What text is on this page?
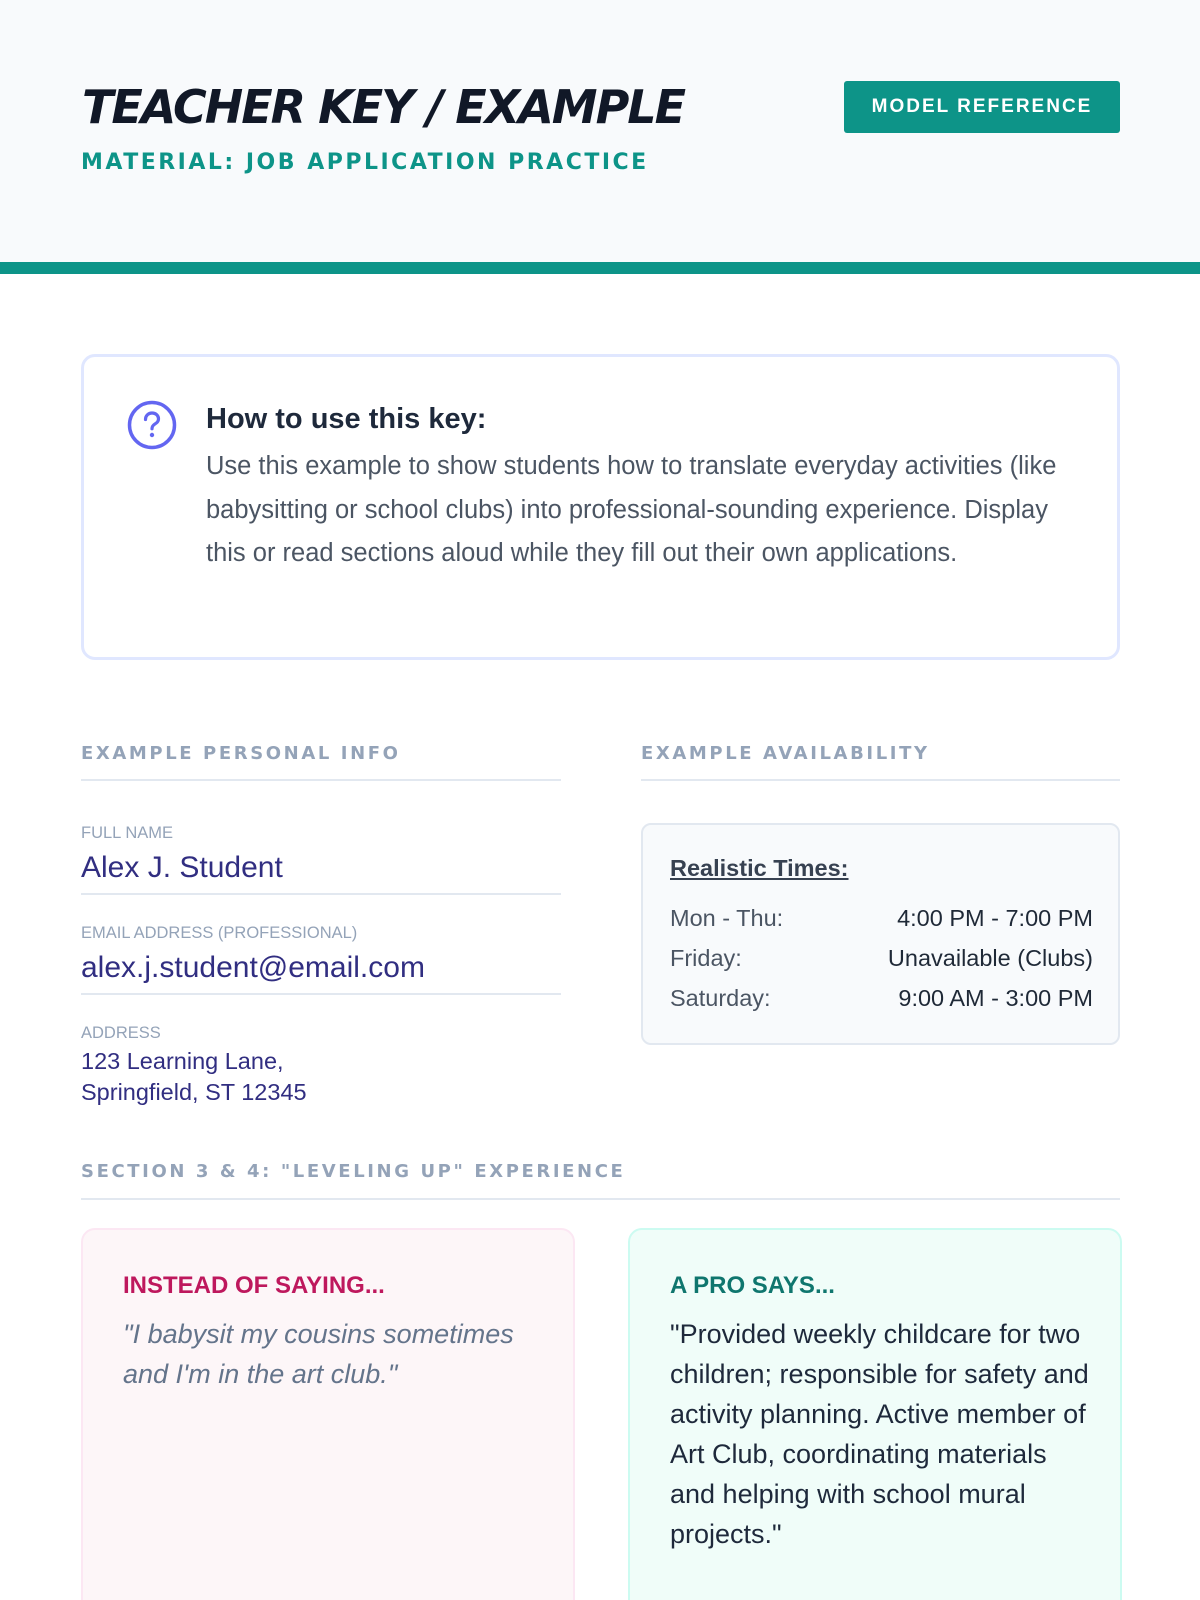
TEACHER KEY / EXAMPLE
MATERIAL: JOB APPLICATION PRACTICE
MODEL REFERENCE
How to use this key:
Use this example to show students how to translate everyday activities (like babysitting or school clubs) into professional-sounding experience. Display this or read sections aloud while they fill out their own applications.
EXAMPLE PERSONAL INFO
FULL NAME
Alex J. Student
EMAIL ADDRESS (PROFESSIONAL)
alex.j.student@email.com
ADDRESS
123 Learning Lane,
Springfield, ST 12345
EXAMPLE AVAILABILITY
Realistic Times:
Mon - Thu:	4:00 PM - 7:00 PM
Friday:	Unavailable (Clubs)
Saturday:	9:00 AM - 3:00 PM
SECTION 3 & 4: "LEVELING UP" EXPERIENCE
INSTEAD OF SAYING...
"I babysit my cousins sometimes and I'm in the art club."
A PRO SAYS...
"Provided weekly childcare for two children; responsible for safety and activity planning. Active member of Art Club, coordinating materials and helping with school mural projects."
